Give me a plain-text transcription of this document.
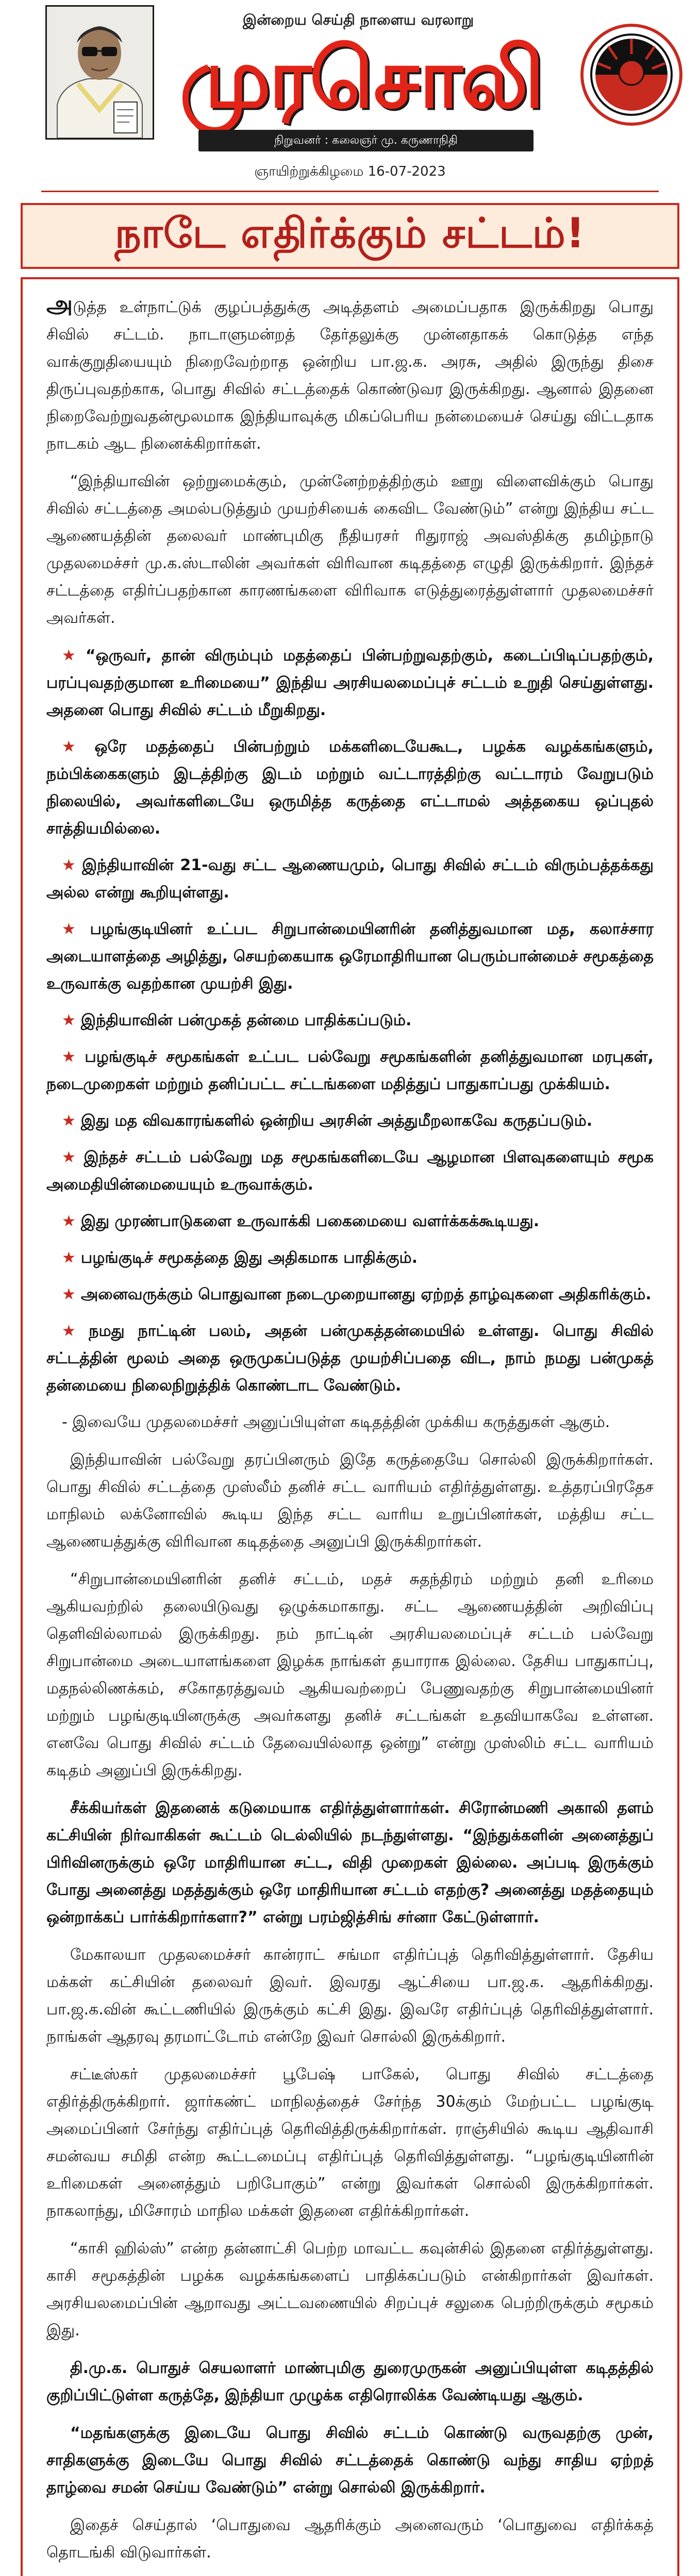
இன்றைய செய்தி நாளைய வரலாறு
முரசொலி
நிறுவனர் : கலைஞர் மு. கருணாநிதி
ஞாயிற்றுக்கிழமை 16-07-2023
நாடே எதிர்க்கும் சட்டம்!

அடுத்த உள்நாட்டுக் குழப்பத்துக்கு அடித்தளம் அமைப்பதாக இருக்கிறது பொது சிவில் சட்டம். நாடாளுமன்றத் தேர்தலுக்கு முன்னதாகக் கொடுத்த எந்த வாக்குறுதியையும் நிறைவேற்றாத ஒன்றிய பா.ஜ.க. அரசு, அதில் இருந்து திசை திருப்புவதற்காக, பொது சிவில் சட்டத்தைக் கொண்டுவர இருக்கிறது. ஆனால் இதனை நிறைவேற்றுவதன்மூலமாக இந்தியாவுக்கு மிகப்பெரிய நன்மையைச் செய்து விட்டதாக நாடகம் ஆட நினைக்கிறார்கள்.

“இந்தியாவின் ஒற்றுமைக்கும், முன்னேற்றத்திற்கும் ஊறு விளைவிக்கும் பொது சிவில் சட்டத்தை அமல்படுத்தும் முயற்சியைக் கைவிட வேண்டும்” என்று இந்திய சட்ட ஆணையத்தின் தலைவர் மாண்புமிகு நீதியரசர் ரிதுராஜ் அவஸ்திக்கு தமிழ்நாடு முதலமைச்சர் மு.க.ஸ்டாலின் அவர்கள் விரிவான கடிதத்தை எழுதி இருக்கிறார். இந்தச் சட்டத்தை எதிர்ப்பதற்கான காரணங்களை விரிவாக எடுத்துரைத்துள்ளார் முதலமைச்சர் அவர்கள்.

★ “ஒருவர், தான் விரும்பும் மதத்தைப் பின்பற்றுவதற்கும், கடைப்பிடிப்பதற்கும், பரப்புவதற்குமான உரிமையை” இந்திய அரசியலமைப்புச் சட்டம் உறுதி செய்துள்ளது. அதனை பொது சிவில் சட்டம் மீறுகிறது.

★ ஒரே மதத்தைப் பின்பற்றும் மக்களிடையேகூட, பழக்க வழக்கங்களும், நம்பிக்கைகளும் இடத்திற்கு இடம் மற்றும் வட்டாரத்திற்கு வட்டாரம் வேறுபடும் நிலையில், அவர்களிடையே ஒருமித்த கருத்தை எட்டாமல் அத்தகைய ஒப்புதல் சாத்தியமில்லை.

★ இந்தியாவின் 21-வது சட்ட ஆணையமும், பொது சிவில் சட்டம் விரும்பத்தக்கது அல்ல என்று கூறியுள்ளது.

★ பழங்குடியினர் உட்பட சிறுபான்மையினரின் தனித்துவமான மத, கலாச்சார அடையாளத்தை அழித்து, செயற்கையாக ஒரேமாதிரியான பெரும்பான்மைச் சமூகத்தை உருவாக்கு வதற்கான முயற்சி இது.

★ இந்தியாவின் பன்முகத் தன்மை பாதிக்கப்படும்.

★ பழங்குடிச் சமூகங்கள் உட்பட பல்வேறு சமூகங்களின் தனித்துவமான மரபுகள், நடைமுறைகள் மற்றும் தனிப்பட்ட சட்டங்களை மதித்துப் பாதுகாப்பது முக்கியம்.

★ இது மத விவகாரங்களில் ஒன்றிய அரசின் அத்துமீறலாகவே கருதப்படும்.

★ இந்தச் சட்டம் பல்வேறு மத சமூகங்களிடையே ஆழமான பிளவுகளையும் சமூக அமைதியின்மையையும் உருவாக்கும்.

★ இது முரண்பாடுகளை உருவாக்கி பகைமையை வளர்க்கக்கூடியது.

★ பழங்குடிச் சமூகத்தை இது அதிகமாக பாதிக்கும்.

★ அனைவருக்கும் பொதுவான நடைமுறையானது ஏற்றத் தாழ்வுகளை அதிகரிக்கும்.

★ நமது நாட்டின் பலம், அதன் பன்முகத்தன்மையில் உள்ளது. பொது சிவில் சட்டத்தின் மூலம் அதை ஒருமுகப்படுத்த முயற்சிப்பதை விட, நாம் நமது பன்முகத் தன்மையை நிலைநிறுத்திக் கொண்டாட வேண்டும்.

- இவையே முதலமைச்சர் அனுப்பியுள்ள கடிதத்தின் முக்கிய கருத்துகள் ஆகும்.

இந்தியாவின் பல்வேறு தரப்பினரும் இதே கருத்தையே சொல்லி இருக்கிறார்கள். பொது சிவில் சட்டத்தை முஸ்லீம் தனிச் சட்ட வாரியம் எதிர்த்துள்ளது. உத்தரப்பிரதேச மாநிலம் லக்னோவில் கூடிய இந்த சட்ட வாரிய உறுப்பினர்கள், மத்திய சட்ட ஆணையத்துக்கு விரிவான கடிதத்தை அனுப்பி இருக்கிறார்கள்.

“சிறுபான்மையினரின் தனிச் சட்டம், மதச் சுதந்திரம் மற்றும் தனி உரிமை ஆகியவற்றில் தலையிடுவது ஒழுக்கமாகாது. சட்ட ஆணையத்தின் அறிவிப்பு தெளிவில்லாமல் இருக்கிறது. நம் நாட்டின் அரசியலமைப்புச் சட்டம் பல்வேறு சிறுபான்மை அடையாளங்களை இழக்க நாங்கள் தயாராக இல்லை. தேசிய பாதுகாப்பு, மதநல்லிணக்கம், சகோதரத்துவம் ஆகியவற்றைப் பேணுவதற்கு சிறுபான்மையினர் மற்றும் பழங்குடியினருக்கு அவர்களது தனிச் சட்டங்கள் உதவியாகவே உள்ளன. எனவே பொது சிவில் சட்டம் தேவையில்லாத ஒன்று” என்று முஸ்லிம் சட்ட வாரியம் கடிதம் அனுப்பி இருக்கிறது.

சீக்கியர்கள் இதனைக் கடுமையாக எதிர்த்துள்ளார்கள். சிரோன்மணி அகாலி தளம் கட்சியின் நிர்வாகிகள் கூட்டம் டெல்லியில் நடந்துள்ளது. “இந்துக்களின் அனைத்துப் பிரிவினருக்கும் ஒரே மாதிரியான சட்ட, விதி முறைகள் இல்லை. அப்படி இருக்கும் போது அனைத்து மதத்துக்கும் ஒரே மாதிரியான சட்டம் எதற்கு? அனைத்து மதத்தையும் ஒன்றாக்கப் பார்க்கிறார்களா?” என்று பரம்ஜித்சிங் சர்னா கேட்டுள்ளார்.

மேகாலயா முதலமைச்சர் கான்ராட் சங்மா எதிர்ப்புத் தெரிவித்துள்ளார். தேசிய மக்கள் கட்சியின் தலைவர் இவர். இவரது ஆட்சியை பா.ஜ.க. ஆதரிக்கிறது. பா.ஜ.க.வின் கூட்டணியில் இருக்கும் கட்சி இது. இவரே எதிர்ப்புத் தெரிவித்துள்ளார். நாங்கள் ஆதரவு தரமாட்டோம் என்றே இவர் சொல்லி இருக்கிறார்.

சட்டீஸ்கர் முதலமைச்சர் பூபேஷ் பாகேல், பொது சிவில் சட்டத்தை எதிர்த்திருக்கிறார். ஜார்கண்ட் மாநிலத்தைச் சேர்ந்த 30க்கும் மேற்பட்ட பழங்குடி அமைப்பினர் சேர்ந்து எதிர்ப்புத் தெரிவித்திருக்கிறார்கள். ராஞ்சியில் கூடிய ஆதிவாசி சமன்வய சமிதி என்ற கூட்டமைப்பு எதிர்ப்புத் தெரிவித்துள்ளது. “பழங்குடியினரின் உரிமைகள் அனைத்தும் பறிபோகும்” என்று இவர்கள் சொல்லி இருக்கிறார்கள். நாகலாந்து, மிசோரம் மாநில மக்கள் இதனை எதிர்க்கிறார்கள்.

“காசி ஹில்ஸ்” என்ற தன்னாட்சி பெற்ற மாவட்ட கவுன்சில் இதனை எதிர்த்துள்ளது. காசி சமூகத்தின் பழக்க வழக்கங்களைப் பாதிக்கப்படும் என்கிறார்கள் இவர்கள். அரசியலமைப்பின் ஆறாவது அட்டவணையில் சிறப்புச் சலுகை பெற்றிருக்கும் சமூகம் இது.

தி.மு.க. பொதுச் செயலாளர் மாண்புமிகு துரைமுருகன் அனுப்பியுள்ள கடிதத்தில் குறிப்பிட்டுள்ள கருத்தே, இந்தியா முழுக்க எதிரொலிக்க வேண்டியது ஆகும்.

“மதங்களுக்கு இடையே பொது சிவில் சட்டம் கொண்டு வருவதற்கு முன், சாதிகளுக்கு இடையே பொது சிவில் சட்டத்தைக் கொண்டு வந்து சாதிய ஏற்றத் தாழ்வை சமன் செய்ய வேண்டும்” என்று சொல்லி இருக்கிறார்.

இதைச் செய்தால் ‘பொதுவை ஆதரிக்கும் அனைவரும் ‘பொதுவை எதிர்க்கத் தொடங்கி விடுவார்கள்.
